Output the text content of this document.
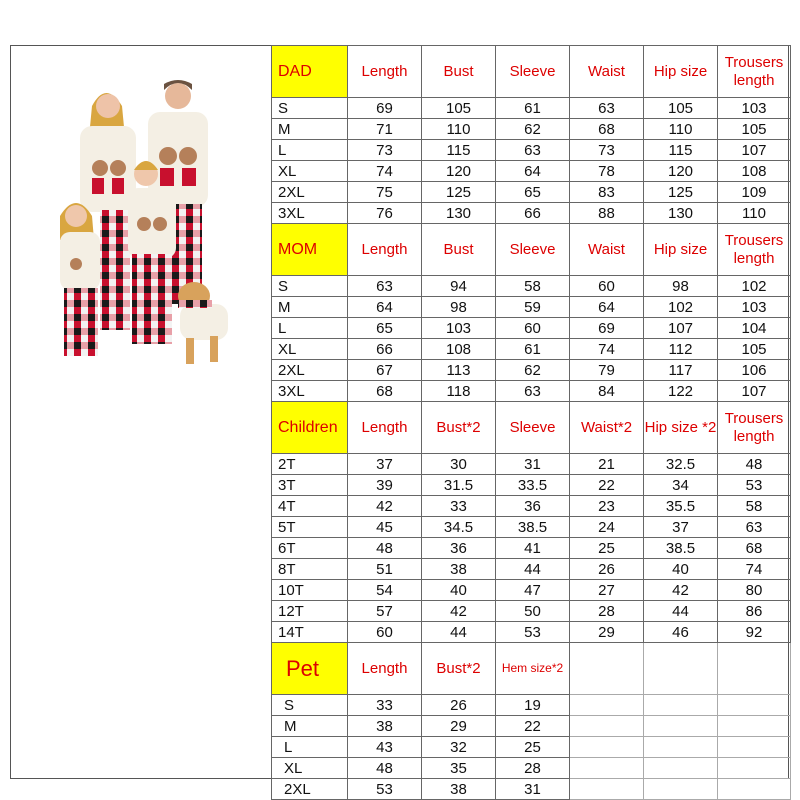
DAD	Length	Bust	Sleeve	Waist	Hip size	Trousers length
S	69	105	61	63	105	103
M	71	110	62	68	110	105
L	73	115	63	73	115	107
XL	74	120	64	78	120	108
2XL	75	125	65	83	125	109
3XL	76	130	66	88	130	110
MOM	Length	Bust	Sleeve	Waist	Hip size	Trousers length
S	63	94	58	60	98	102
M	64	98	59	64	102	103
L	65	103	60	69	107	104
XL	66	108	61	74	112	105
2XL	67	113	62	79	117	106
3XL	68	118	63	84	122	107
Children	Length	Bust*2	Sleeve	Waist*2	Hip size *2	Trousers length
2T	37	30	31	21	32.5	48
3T	39	31.5	33.5	22	34	53
4T	42	33	36	23	35.5	58
5T	45	34.5	38.5	24	37	63
6T	48	36	41	25	38.5	68
8T	51	38	44	26	40	74
10T	54	40	47	27	42	80
12T	57	42	50	28	44	86
14T	60	44	53	29	46	92
Pet	Length	Bust*2	Hem size*2			
S	33	26	19			
M	38	29	22			
L	43	32	25			
XL	48	35	28			
2XL	53	38	31			
